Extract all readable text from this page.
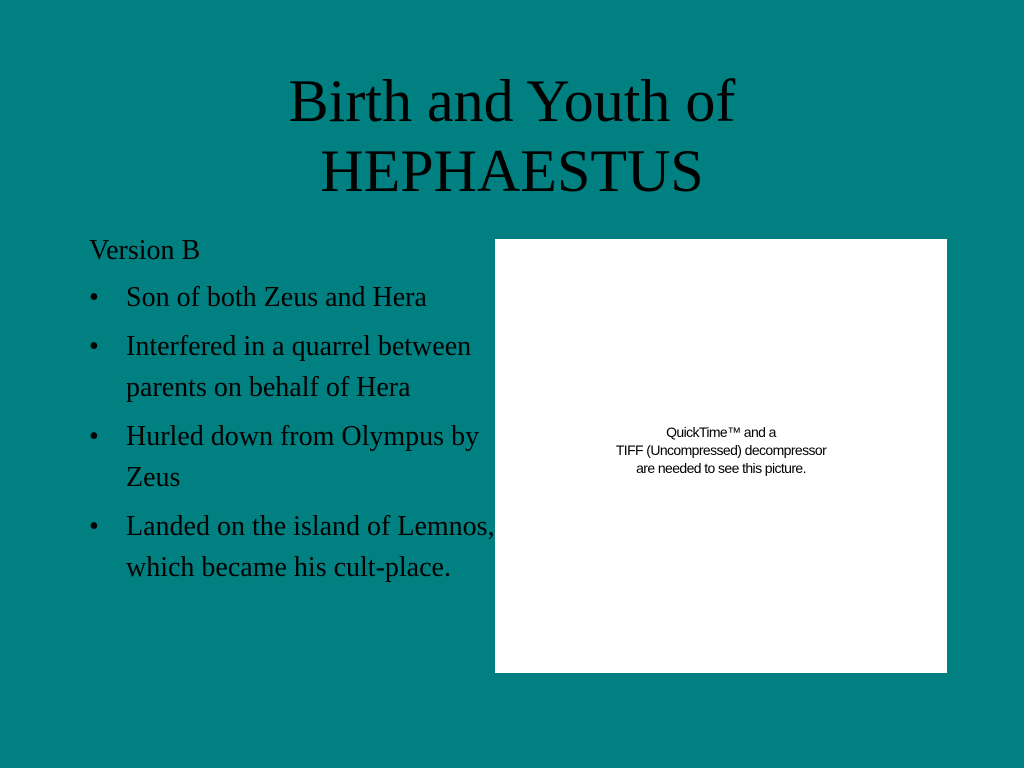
Birth and Youth of
HEPHAESTUS
Version B
• Son of both Zeus and Hera
• Interfered in a quarrel between parents on behalf of Hera
• Hurled down from Olympus by Zeus
• Landed on the island of Lemnos, which became his cult-place.
QuickTime™ and a
TIFF (Uncompressed) decompressor
are needed to see this picture.
